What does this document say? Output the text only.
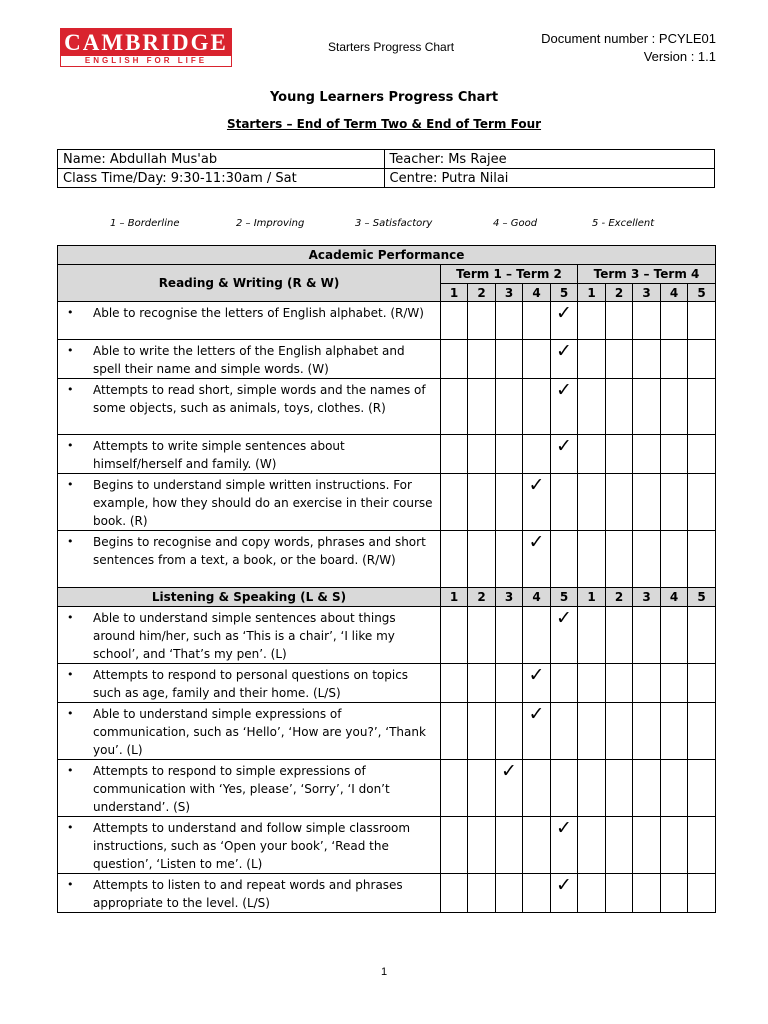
CAMBRIDGE
ENGLISH FOR LIFE
Starters Progress Chart
Document number : PCYLE01
Version : 1.1
Young Learners Progress Chart
Starters – End of Term Two & End of Term Four
Name: Abdullah Mus'ab	Teacher: Ms Rajee
Class Time/Day: 9:30-11:30am / Sat	Centre: Putra Nilai
1 – Borderline	2 – Improving	3 – Satisfactory	4 – Good	5 - Excellent
Academic Performance										
Reading & Writing (R & W)	Term 1 – Term 2					Term 3 – Term 4				
	1	2	3	4	5	1	2	3	4	5

• Able to recognise the letters of English alphabet. (R/W)					✓					

• Able to write the letters of the English alphabet and spell their name and simple words. (W)					✓					

• Attempts to read short, simple words and the names of some objects, such as animals, toys, clothes. (R)					✓					

• Attempts to write simple sentences about himself/herself and family. (W)					✓					

• Begins to understand simple written instructions. For example, how they should do an exercise in their course book. (R)				✓						

• Begins to recognise and copy words, phrases and short sentences from a text, a book, or the board. (R/W)				✓						
Listening & Speaking (L & S)	1	2	3	4	5	1	2	3	4	5

• Able to understand simple sentences about things around him/her, such as ‘This is a chair’, ‘I like my school’, and ‘That’s my pen’. (L)					✓					

• Attempts to respond to personal questions on topics such as age, family and their home. (L/S)				✓						

• Able to understand simple expressions of communication, such as ‘Hello’, ‘How are you?’, ‘Thank you’. (L)				✓						

• Attempts to respond to simple expressions of communication with ‘Yes, please’, ‘Sorry’, ‘I don’t understand’. (S)			✓							

• Attempts to understand and follow simple classroom instructions, such as ‘Open your book’, ‘Read the question’, ‘Listen to me’. (L)					✓					

• Attempts to listen to and repeat words and phrases appropriate to the level. (L/S)					✓					
1
